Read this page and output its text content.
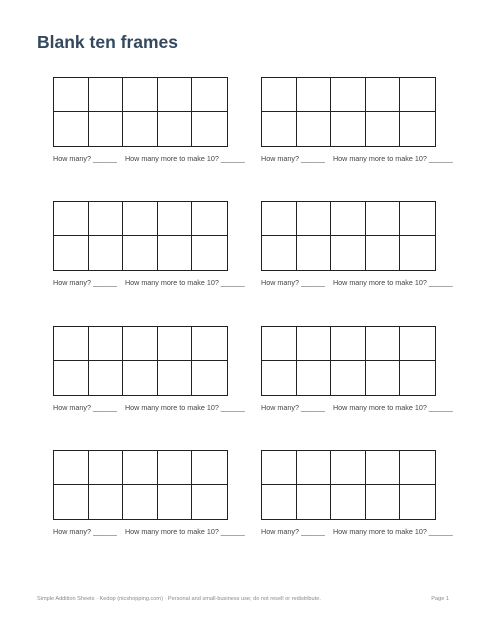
Blank ten frames
How many? ______ How many more to make 10? ______ How many? ______ How many more to make 10? ______
How many? ______ How many more to make 10? ______ How many? ______ How many more to make 10? ______
How many? ______ How many more to make 10? ______ How many? ______ How many more to make 10? ______
How many? ______ How many more to make 10? ______ How many? ______ How many more to make 10? ______
Simple Addition Sheets · Kedop (nicshopping.com) · Personal and small-business use; do not resell or redistribute.	Page 1
